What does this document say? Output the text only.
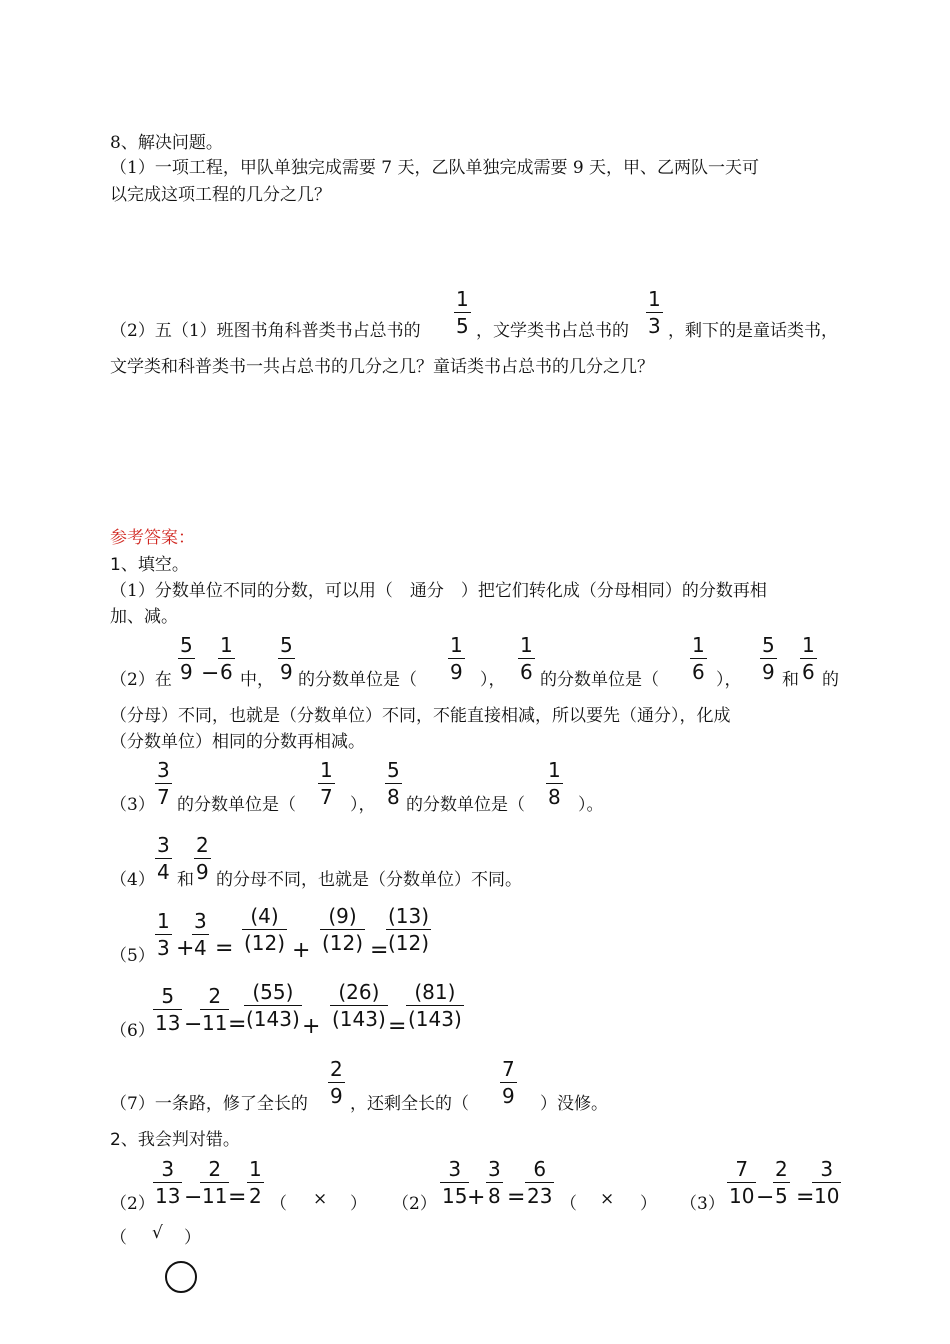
8、解决问题。
（1）一项工程，甲队单独完成需要 7 天，乙队单独完成需要 9 天，甲、乙两队一天可
以完成这项工程的几分之几？
（2）五（1）班图书角科普类书占总书的
1
5 ，文学类书占总书的
1
3 ，剩下的是童话类书，
文学类和科普类书一共占总书的几分之几？童话类书占总书的几分之几？
参考答案：
1、填空。
（1）分数单位不同的分数，可以用（　通分　）把它们转化成（分母相同）的分数再相
加、减。
（2）在
5
9 −
1
6 中，
5
9 的分数单位是（
1
9 ），
1
6 的分数单位是（
1
6 ），
5
9 和
1
6 的
（分母）不同，也就是（分数单位）不同，不能直接相减，所以要先（通分），化成
（分数单位）相同的分数再相减。
（3）
3
7 的分数单位是（
1
7 ），
5
8 的分数单位是（
1
8 ）。
（4）
3
4 和
2
9 的分母不同，也就是（分数单位）不同。
（5）
1
3 +
3
4 =
(4)
(12) +
(9)
(12) =
(13)
(12)
（6）
5
13 −
2
11 =
(55)
(143) +
(26)
(143) =
(81)
(143)
（7）一条路，修了全长的
2
9 ，还剩全长的（
7
9 ）没修。
2、我会判对错。
（2）
3
13 −
2
11 =
1
2 （ × ） （2）
3
15 +
3
8 =
6
23 （ × ） （3）
7
10 −
2
5 =
3
10
（ √ ）
